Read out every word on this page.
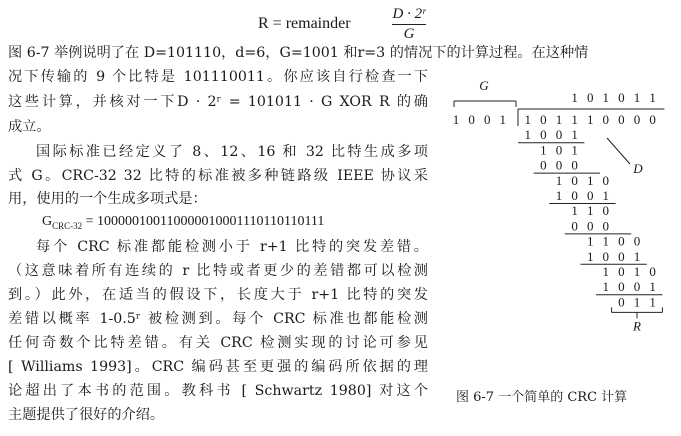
R = remainder
D · 2ʳ
G
图 6-7 举例说明了在 D=101110，d=6，G=1001 和r=3 的情况下的计算过程。在这种情
况下传输的 9 个比特是 101110011。你应该自行检查一下
这些计算，并核对一下D · 2ʳ = 101011 · G XOR R 的确
成立。
国际标准已经定义了 8、12、16 和 32 比特生成多项
式 G。CRC-32 32 比特的标准被多种链路级 IEEE 协议采
用，使用的一个生成多项式是：
$G_{CRC-32} = 100000100110000010001110110110111$
每个 CRC 标准都能检测小于 r+1 比特的突发差错。
（这意味着所有连续的 r 比特或者更少的差错都可以检测
到。）此外，在适当的假设下，长度大于 r+1 比特的突发
差错以概率 1-0.5ʳ 被检测到。每个 CRC 标准也都能检测
任何奇数个比特差错。有关 CRC 检测实现的讨论可参见
[ Williams 1993]。CRC 编码甚至更强的编码所依据的理
论超出了本书的范围。教科书 [ Schwartz 1980] 对这个
主题提供了很好的介绍。
G
1 0 1 0 1 1
1 0 0 1 1 0 1 1 1 0 0 0 0
D
1 0 0 1
1 0 1
0 0 0
1 0 1 0
1 0 0 1
1 1 0
0 0 0
1 1 0 0
1 0 0 1
1 0 1 0
1 0 0 1
0 1 1
R
图 6-7 一个简单的 CRC 计算
